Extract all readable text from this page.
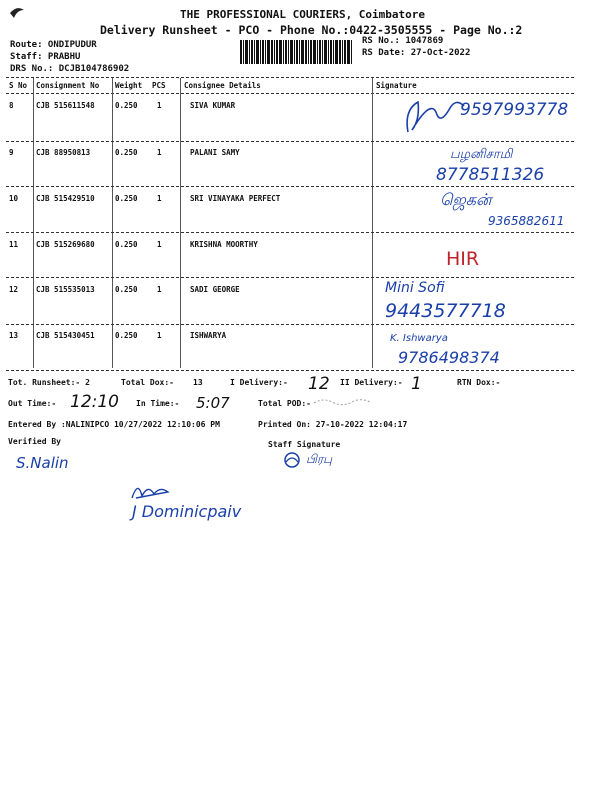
THE PROFESSIONAL COURIERS, Coimbatore
Delivery Runsheet - PCO - Phone No.:0422-3505555 - Page No.:2
Route: ONDIPUDUR
Staff: PRABHU
DRS No.: DCJB104786902
RS No.: 1047869
RS Date: 27-Oct-2022
S No Consignment No Weight PCS Consignee Details	Signature
8	CJB 515611548	0.250	1	SIVA KUMAR	9597993778
9	CJB 88950813	0.250	1	PALANI SAMY	பழனிசாமி
8778511326
10 CJB 515429510	0.250	1	SRI VINAYAKA PERFECT	ஜெகன்
9365882611
11 CJB 515269680	0.250	1	KRISHNA MOORTHY
HIR
12 CJB 515535013	0.250	1	SADI GEORGE	Mini Sofi
9443577718
13 CJB 515430451	0.250	1	ISHWARYA	K. Ishwarya
9786498374
Tot. Runsheet:- 2	Total Dox:- 13	I Delivery:- 12 II Delivery:- 1	RTN Dox:-
Out Time:- 12:10 In Time:- 5:07	Total POD:-
Entered By :NALINIPCO 10/27/2022 12:10:06 PM	Printed On: 27-10-2022 12:04:17
Verified By	Staff Signature
S.Nalin	பிரபு
J Dominicpaiv
